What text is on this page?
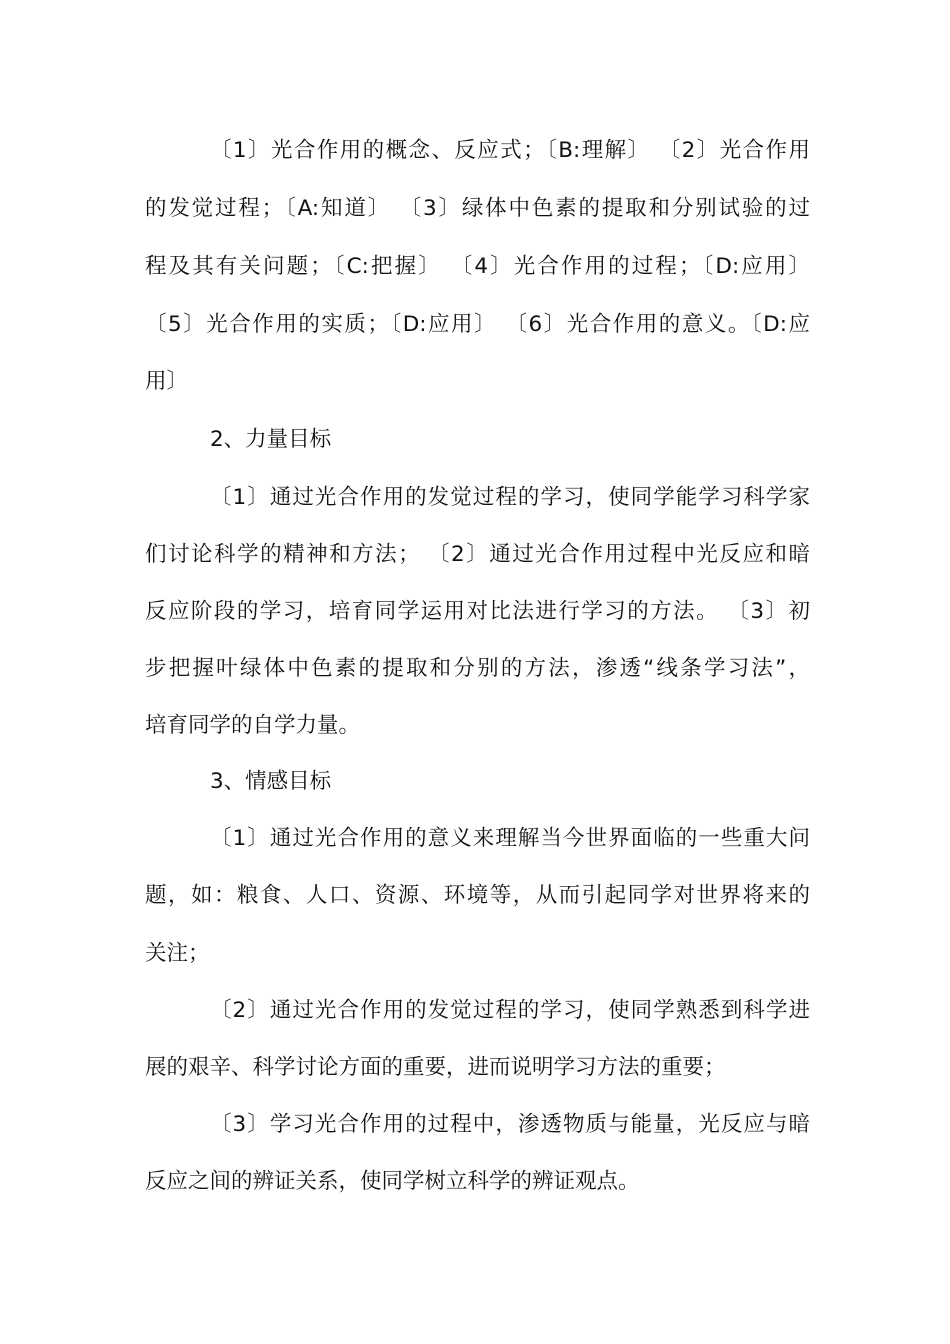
〔1〕光合作用的概念、反应式；〔B:理解〕 〔2〕光合作用
的发觉过程；〔A:知道〕 〔3〕绿体中色素的提取和分别试验的过
程及其有关问题；〔C:把握〕 〔4〕光合作用的过程；〔D:应用〕
〔5〕光合作用的实质；〔D:应用〕 〔6〕光合作用的意义。〔D:应
用〕
2、力量目标
〔1〕通过光合作用的发觉过程的学习，使同学能学习科学家
们讨论科学的精神和方法； 〔2〕通过光合作用过程中光反应和暗
反应阶段的学习，培育同学运用对比法进行学习的方法。 〔3〕初
步把握叶绿体中色素的提取和分别的方法，渗透“线条学习法”，
培育同学的自学力量。
3、情感目标
〔1〕通过光合作用的意义来理解当今世界面临的一些重大问
题，如：粮食、人口、资源、环境等，从而引起同学对世界将来的
关注；
〔2〕通过光合作用的发觉过程的学习，使同学熟悉到科学进
展的艰辛、科学讨论方面的重要，进而说明学习方法的重要；
〔3〕学习光合作用的过程中，渗透物质与能量，光反应与暗
反应之间的辨证关系，使同学树立科学的辨证观点。
